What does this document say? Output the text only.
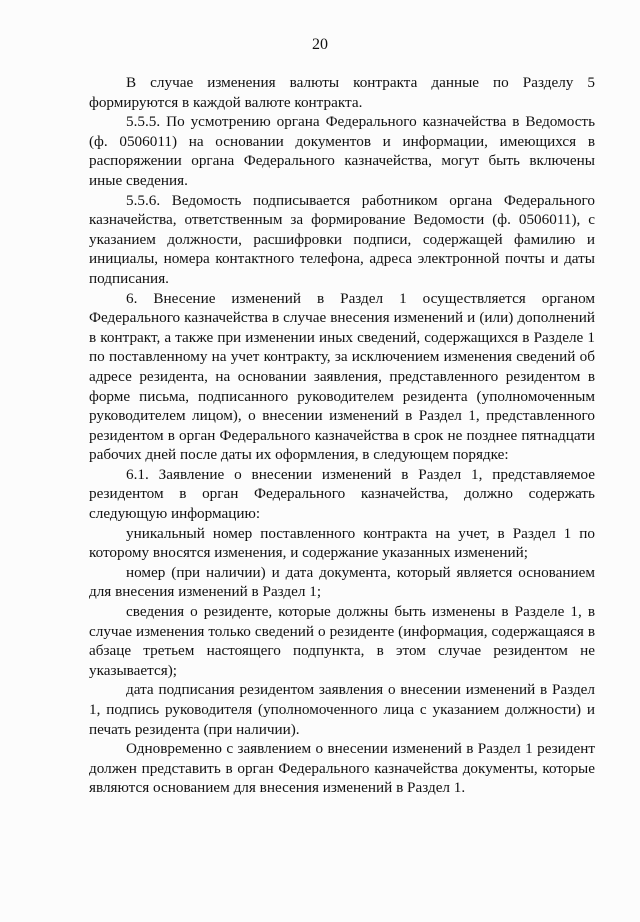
20

В случае изменения валюты контракта данные по Разделу 5 формируются в каждой валюте контракта.

5.5.5. По усмотрению органа Федерального казначейства в Ведомость (ф. 0506011) на основании документов и информации, имеющихся в распоряжении органа Федерального казначейства, могут быть включены иные сведения.

5.5.6. Ведомость подписывается работником органа Федерального казначейства, ответственным за формирование Ведомости (ф. 0506011), с указанием должности, расшифровки подписи, содержащей фамилию и инициалы, номера контактного телефона, адреса электронной почты и даты подписания.

6. Внесение изменений в Раздел 1 осуществляется органом Федерального казначейства в случае внесения изменений и (или) дополнений в контракт, а также при изменении иных сведений, содержащихся в Разделе 1 по поставленному на учет контракту, за исключением изменения сведений об адресе резидента, на основании заявления, представленного резидентом в форме письма, подписанного руководителем резидента (уполномоченным руководителем лицом), о внесении изменений в Раздел 1, представленного резидентом в орган Федерального казначейства в срок не позднее пятнадцати рабочих дней после даты их оформления, в следующем порядке:

6.1. Заявление о внесении изменений в Раздел 1, представляемое резидентом в орган Федерального казначейства, должно содержать следующую информацию:

уникальный номер поставленного контракта на учет, в Раздел 1 по которому вносятся изменения, и содержание указанных изменений;

номер (при наличии) и дата документа, который является основанием для внесения изменений в Раздел 1;

сведения о резиденте, которые должны быть изменены в Разделе 1, в случае изменения только сведений о резиденте (информация, содержащаяся в абзаце третьем настоящего подпункта, в этом случае резидентом не указывается);

дата подписания резидентом заявления о внесении изменений в Раздел 1, подпись руководителя (уполномоченного лица с указанием должности) и печать резидента (при наличии).

Одновременно с заявлением о внесении изменений в Раздел 1 резидент должен представить в орган Федерального казначейства документы, которые являются основанием для внесения изменений в Раздел 1.
